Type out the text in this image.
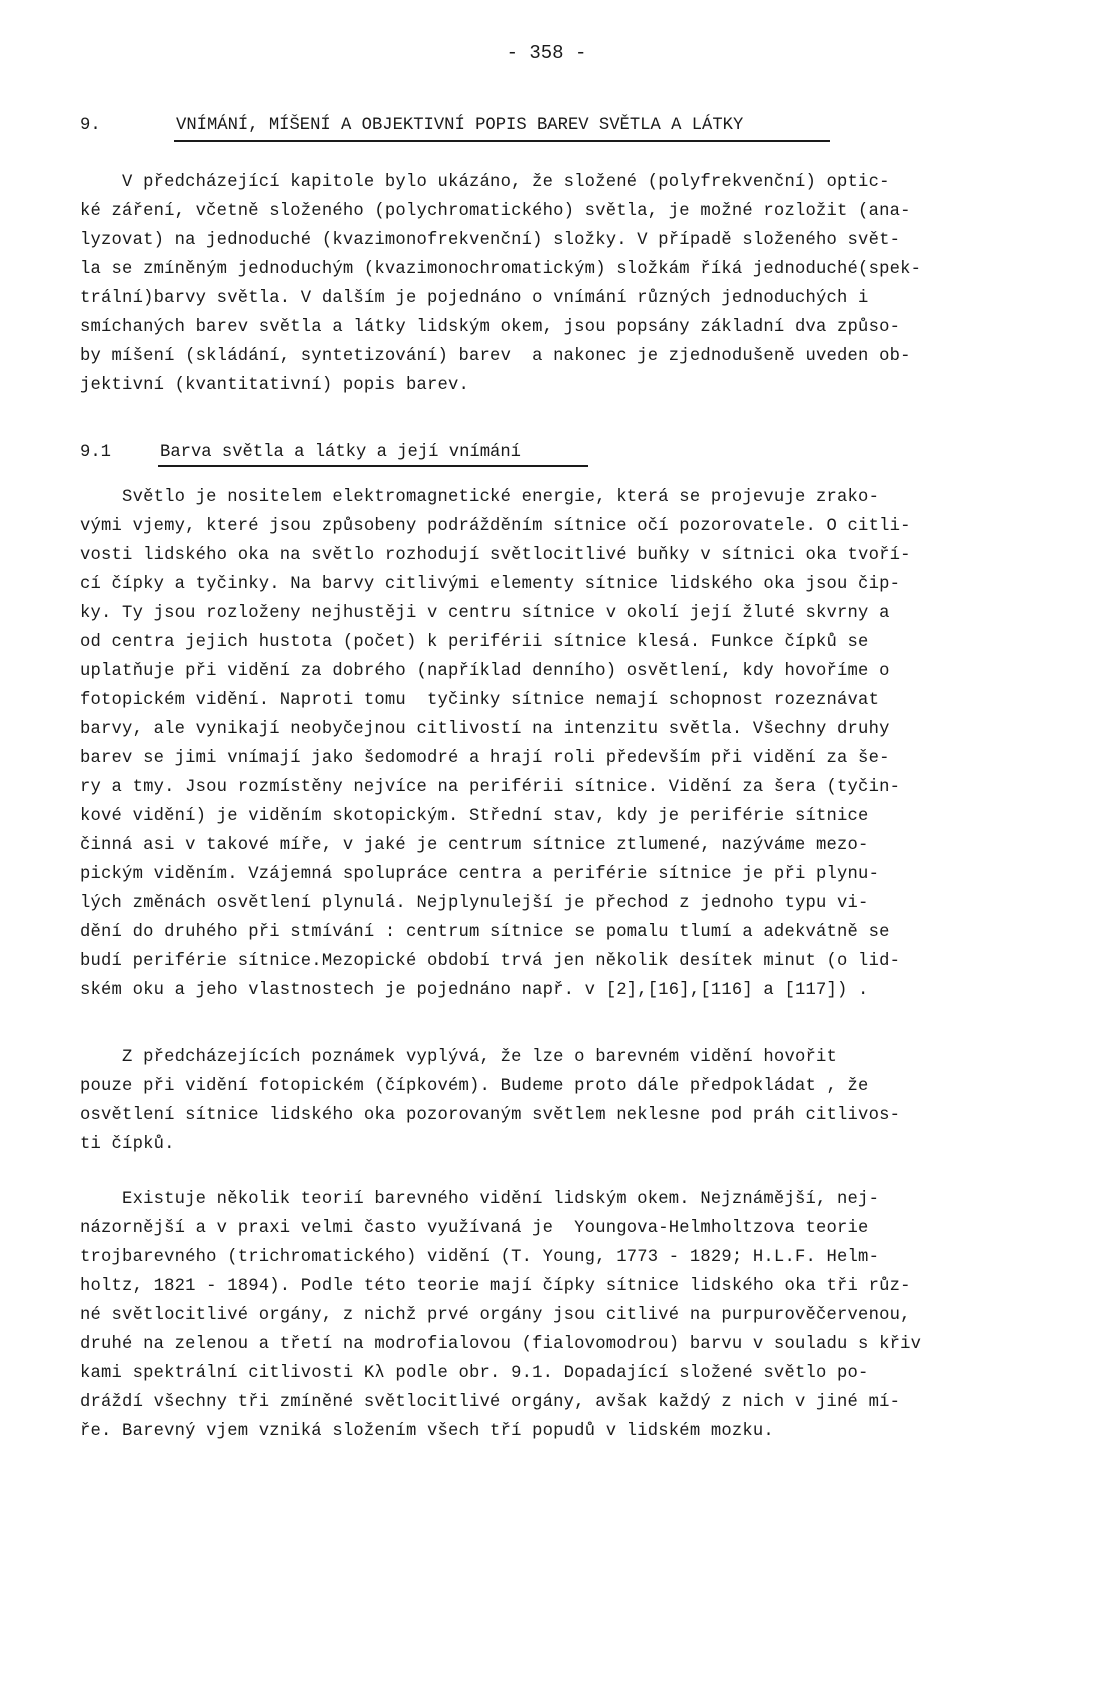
- 358 -
9.	VNÍMÁNÍ, MÍŠENÍ A OBJEKTIVNÍ POPIS BAREV SVĚTLA A LÁTKY

V předcházející kapitole bylo ukázáno, že složené (polyfrekvenční) optic-

ké záření, včetně složeného (polychromatického) světla, je možné rozložit (ana-

lyzovat) na jednoduché (kvazimonofrekvenční) složky. V případě složeného svět-

la se zmíněným jednoduchým (kvazimonochromatickým) složkám říká jednoduché(spek-

trální)barvy světla. V dalším je pojednáno o vnímání různých jednoduchých i

smíchaných barev světla a látky lidským okem, jsou popsány základní dva způso-

by míšení (skládání, syntetizování) barev  a nakonec je zjednodušeně uveden ob-

jektivní (kvantitativní) popis barev.

9.1	Barva světla a látky a její vnímání

Světlo je nositelem elektromagnetické energie, která se projevuje zrako-

vými vjemy, které jsou způsobeny podrážděním sítnice očí pozorovatele. O citli-

vosti lidského oka na světlo rozhodují světlocitlivé buňky v sítnici oka tvoří-

cí čípky a tyčinky. Na barvy citlivými elementy sítnice lidského oka jsou čip-

ky. Ty jsou rozloženy nejhustěji v centru sítnice v okolí její žluté skvrny a

od centra jejich hustota (počet) k periférii sítnice klesá. Funkce čípků se

uplatňuje při vidění za dobrého (například denního) osvětlení, kdy hovoříme o

fotopickém vidění. Naproti tomu  tyčinky sítnice nemají schopnost rozeznávat

barvy, ale vynikají neobyčejnou citlivostí na intenzitu světla. Všechny druhy

barev se jimi vnímají jako šedomodré a hrají roli především při vidění za še-

ry a tmy. Jsou rozmístěny nejvíce na periférii sítnice. Vidění za šera (tyčin-

kové vidění) je viděním skotopickým. Střední stav, kdy je periférie sítnice

činná asi v takové míře, v jaké je centrum sítnice ztlumené, nazýváme mezo-

pickým viděním. Vzájemná spolupráce centra a periférie sítnice je při plynu-

lých změnách osvětlení plynulá. Nejplynulejší je přechod z jednoho typu vi-

dění do druhého při stmívání : centrum sítnice se pomalu tlumí a adekvátně se

budí periférie sítnice.Mezopické období trvá jen několik desítek minut (o lid-

ském oku a jeho vlastnostech je pojednáno např. v [2],[16],[116] a [117]) .

Z předcházejících poznámek vyplývá, že lze o barevném vidění hovořit

pouze při vidění fotopickém (čípkovém). Budeme proto dále předpokládat , že

osvětlení sítnice lidského oka pozorovaným světlem neklesne pod práh citlivos-

ti čípků.

Existuje několik teorií barevného vidění lidským okem. Nejznámější, nej-

názornější a v praxi velmi často využívaná je  Youngova-Helmholtzova teorie

trojbarevného (trichromatického) vidění (T. Young, 1773 - 1829; H.L.F. Helm-

holtz, 1821 - 1894). Podle této teorie mají čípky sítnice lidského oka tři růz-

né světlocitlivé orgány, z nichž prvé orgány jsou citlivé na purpurověčervenou,

druhé na zelenou a třetí na modrofialovou (fialovomodrou) barvu v souladu s křiv

kami spektrální citlivosti Kλ podle obr. 9.1. Dopadající složené světlo po-

dráždí všechny tři zmíněné světlocitlivé orgány, avšak každý z nich v jiné mí-

ře. Barevný vjem vzniká složením všech tří popudů v lidském mozku.
